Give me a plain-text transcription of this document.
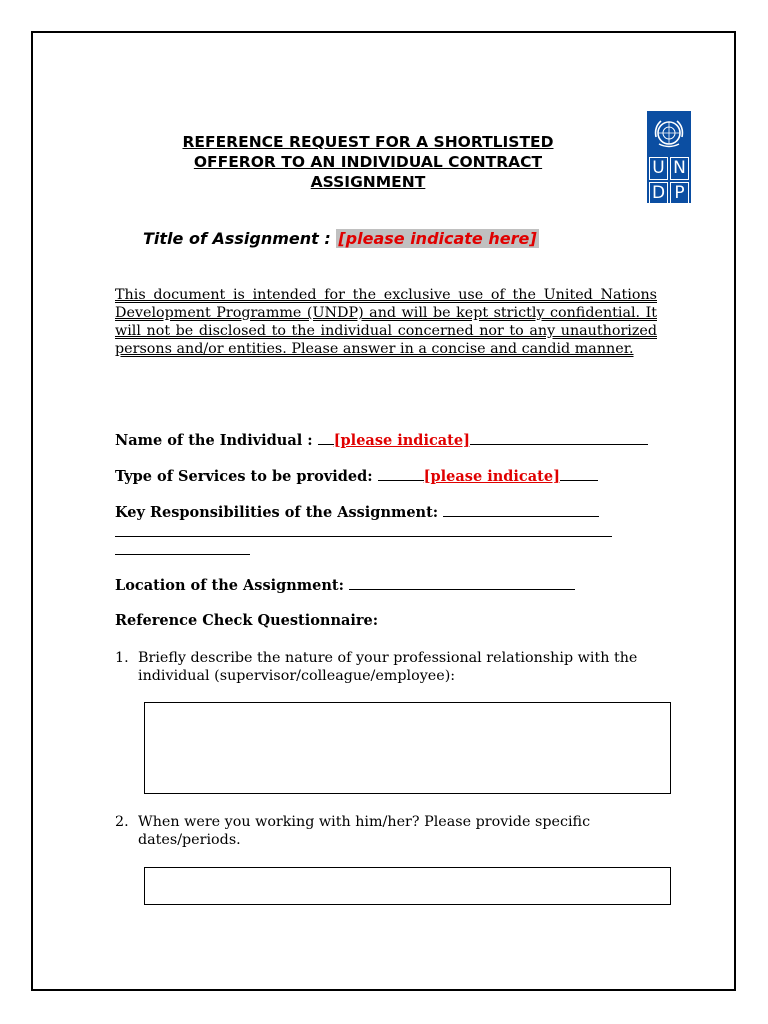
REFERENCE REQUEST FOR A SHORTLISTED OFFEROR TO AN INDIVIDUAL CONTRACT ASSIGNMENT
U N
D P
Title of Assignment : [please indicate here]
This document is intended for the exclusive use of the United Nations Development Programme (UNDP) and will be kept strictly confidential. It will not be disclosed to the individual concerned nor to any unauthorized persons and/or entities. Please answer in a concise and candid manner.
Name of the Individual : [please indicate]
Type of Services to be provided:	[please indicate]
Key Responsibilities of the Assignment:
Location of the Assignment:
Reference Check Questionnaire:
1. Briefly describe the nature of your professional relationship with the individual (supervisor/colleague/employee):
2. When were you working with him/her? Please provide specific dates/periods.
